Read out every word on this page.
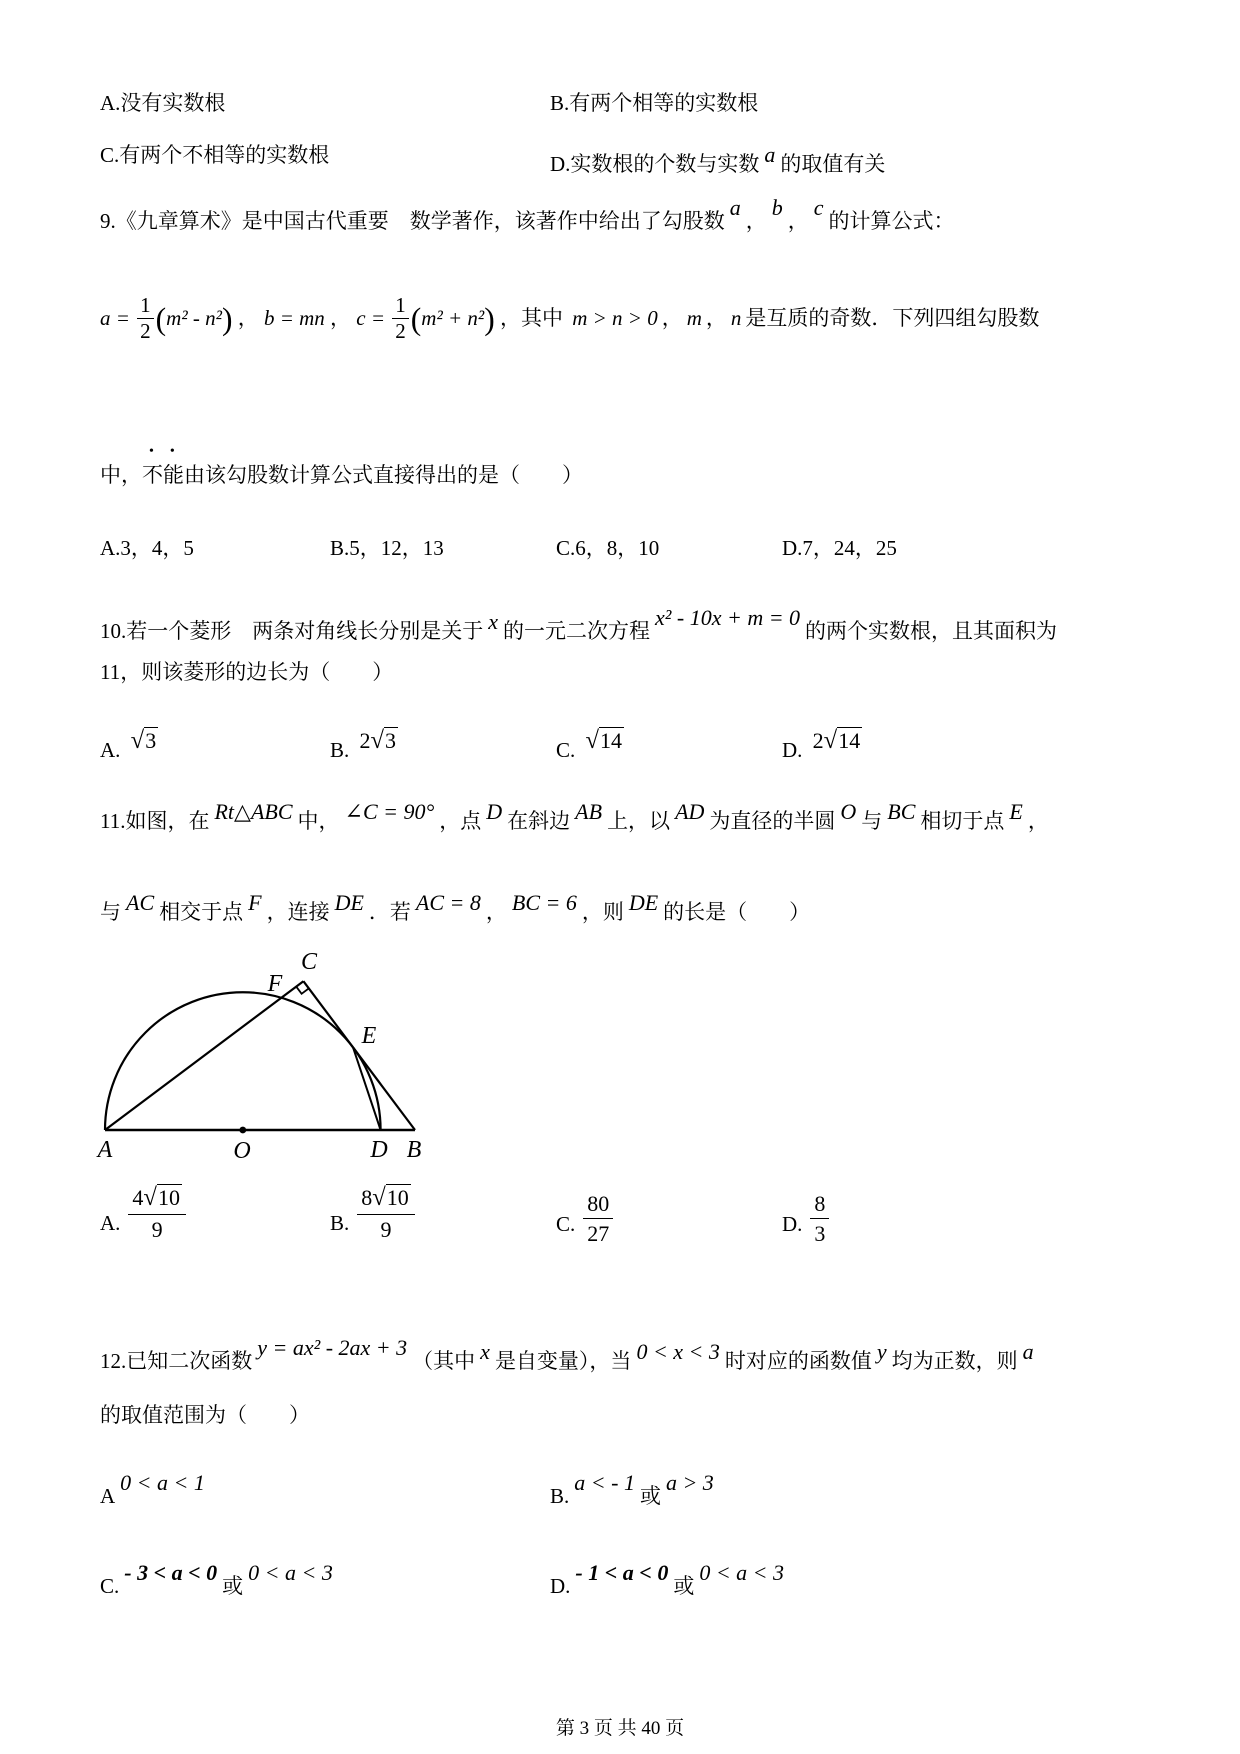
A.没有实数根	B.有两个相等的实数根
C.有两个不相等的实数根	D.实数根的个数与实数 a 的取值有关
9.《九章算术》是中国古代重要　数学著作，该著作中给出了勾股数a，b，c的计算公式：
$a = \frac{1}{2} (m^2 - n^2)$ ， b = mn ， $c = \frac{1}{2} (m^2 + n^2)$ ，其中 m > n > 0 ， m ， n 是互质的奇数．下列四组勾股数
中，不能 ••由该勾股数计算公式直接得出的是（　　）
A.3，4，5	B.5，12，13	C.6，8，10	D.7，24，25
10.若一个菱形　两条对角线长分别是关于 x 的一元二次方程x² - 10x + m = 0的两个实数根，且其面积为
11，则该菱形的边长为（　　）
A. √3	B. 2√3	C. √14	D. 2√14
11.如图，在 Rt△ABC 中， ∠C = 90° ，点 D 在斜边 AB 上，以 AD 为直径的半圆 O 与 BC 相切于点 E ，
与 AC 相交于点 F ，连接 DE ．若 AC = 8 ， BC = 6 ，则 DE 的长是（　　）
A	O	D B
C
E
F
A. $\frac{4√10}{9}$	B. $\frac{8√10}{9}$	C. $\frac{80}{27}$	D. $\frac{8}{3}$
12.已知二次函数y = ax² - 2ax + 3（其中 x 是自变量），当 0 < x < 3 时对应的函数值 y 均为正数，则 a
的取值范围为（　　）
A0 < a < 1
B.a < - 1或a > 3
C.- 3 < a < 0或0 < a < 3
D.- 1 < a < 0或0 < a < 3
第 3 页 共 40 页
